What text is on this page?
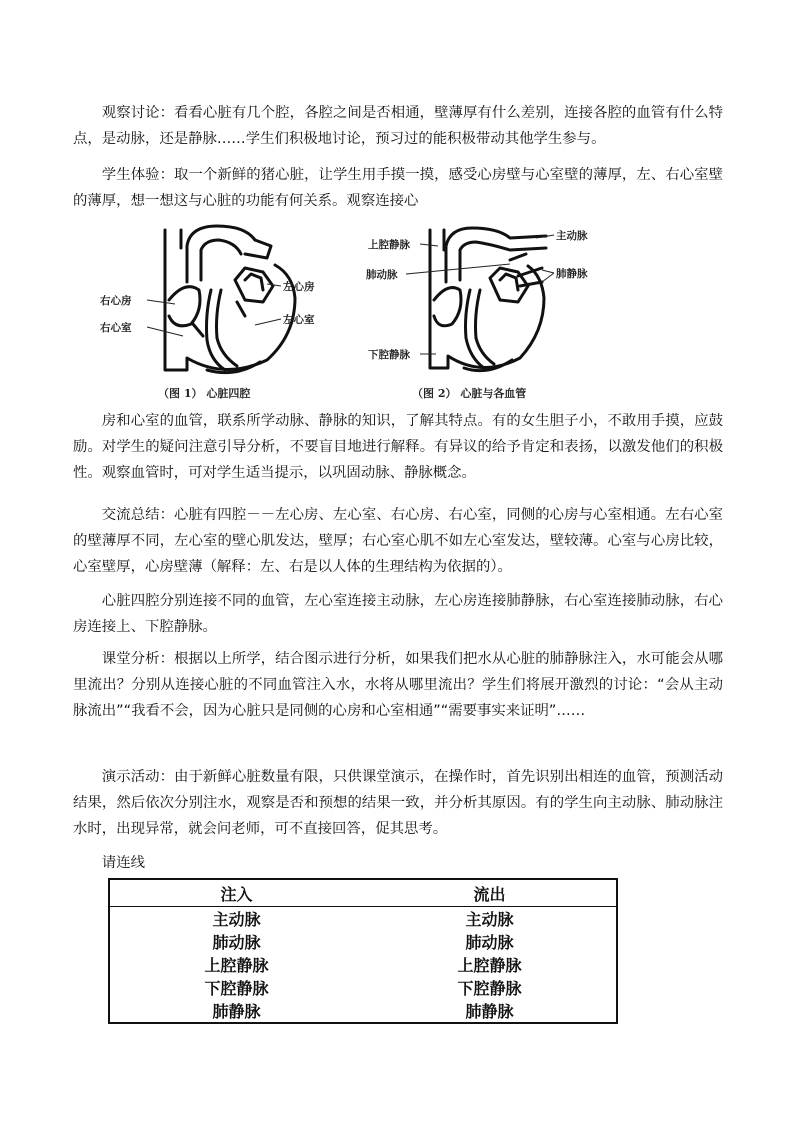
观察讨论：看看心脏有几个腔，各腔之间是否相通，壁薄厚有什么差别，连接各腔的血管有什么特点，是动脉，还是静脉……学生们积极地讨论，预习过的能积极带动其他学生参与。

学生体验：取一个新鲜的猪心脏，让学生用手摸一摸，感受心房壁与心室壁的薄厚，左、右心室壁的薄厚，想一想这与心脏的功能有何关系。观察连接心

左心房
左心室
右心房
右心室
（图 1） 心脏四腔
上腔静脉
主动脉
肺动脉	肺静脉
下腔静脉
（图 2） 心脏与各血管

房和心室的血管，联系所学动脉、静脉的知识，了解其特点。有的女生胆子小，不敢用手摸，应鼓励。对学生的疑问注意引导分析，不要盲目地进行解释。有异议的给予肯定和表扬，以激发他们的积极性。观察血管时，可对学生适当提示，以巩固动脉、静脉概念。

交流总结：心脏有四腔－－左心房、左心室、右心房、右心室，同侧的心房与心室相通。左右心室的壁薄厚不同，左心室的壁心肌发达，壁厚；右心室心肌不如左心室发达，壁较薄。心室与心房比较，心室壁厚，心房壁薄（解释：左、右是以人体的生理结构为依据的）。

心脏四腔分别连接不同的血管，左心室连接主动脉，左心房连接肺静脉，右心室连接肺动脉，右心房连接上、下腔静脉。

课堂分析：根据以上所学，结合图示进行分析，如果我们把水从心脏的肺静脉注入，水可能会从哪里流出？分别从连接心脏的不同血管注入水，水将从哪里流出？学生们将展开激烈的讨论：“会从主动脉流出”“我看不会，因为心脏只是同侧的心房和心室相通”“需要事实来证明”……

演示活动：由于新鲜心脏数量有限，只供课堂演示，在操作时，首先识别出相连的血管，预测活动结果，然后依次分别注水，观察是否和预想的结果一致，并分析其原因。有的学生向主动脉、肺动脉注水时，出现异常，就会问老师，可不直接回答，促其思考。

请连线

注入	流出
主动脉	主动脉
肺动脉	肺动脉
上腔静脉	上腔静脉
下腔静脉	下腔静脉
肺静脉	肺静脉
